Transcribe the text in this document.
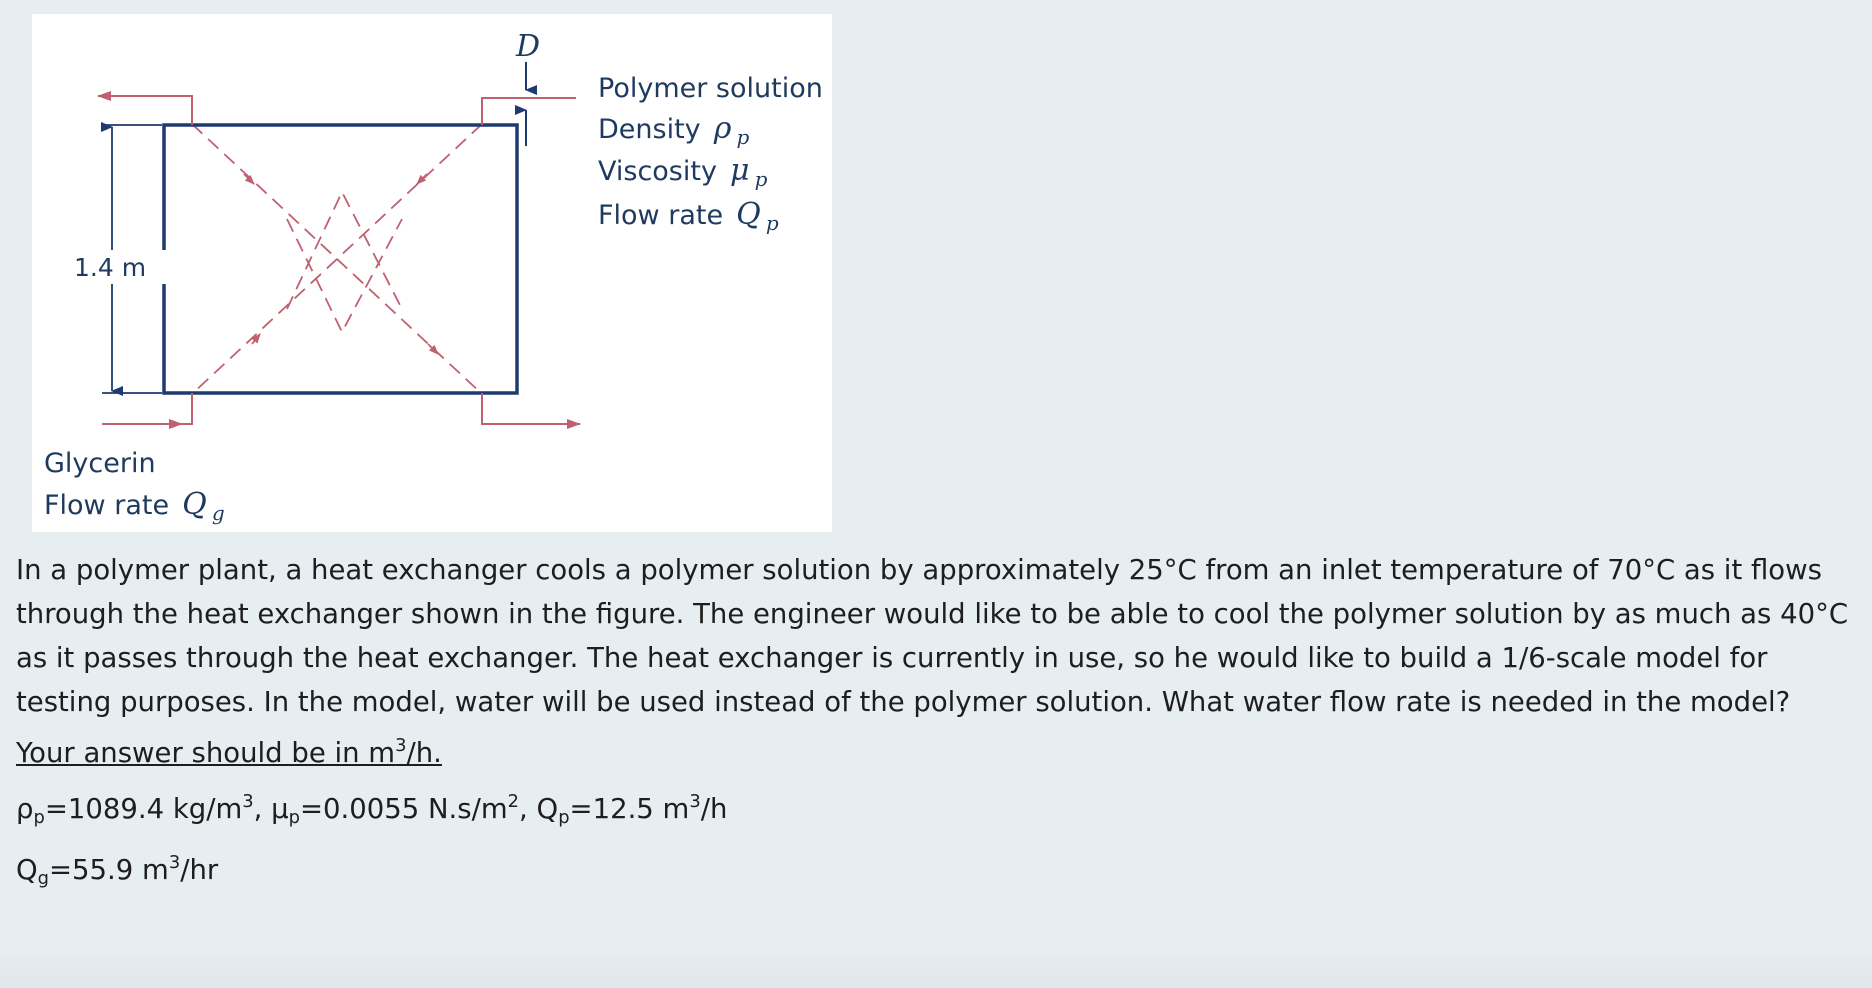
D
1.4 m
Polymer solution
Density ρ p
Viscosity μ p
Flow rate Q p
Glycerin
Flow rate Q g

In a polymer plant, a heat exchanger cools a polymer solution by approximately 25°C from an inlet temperature of 70°C as it flows through the heat exchanger shown in the figure. The engineer would like to be able to cool the polymer solution by as much as 40°C as it passes through the heat exchanger. The heat exchanger is currently in use, so he would like to build a 1/6-scale model for testing purposes. In the model, water will be used instead of the polymer solution. What water flow rate is needed in the model? Your answer should be in $m^3/h$.

$\rho_p=1089.4$ $kg/m^3$, $\mu_p=0.0055$ $N.s/m^2$, $Q_p=12.5$ $m^3/h$
$Q_g=55.9$ $m^3/hr$
